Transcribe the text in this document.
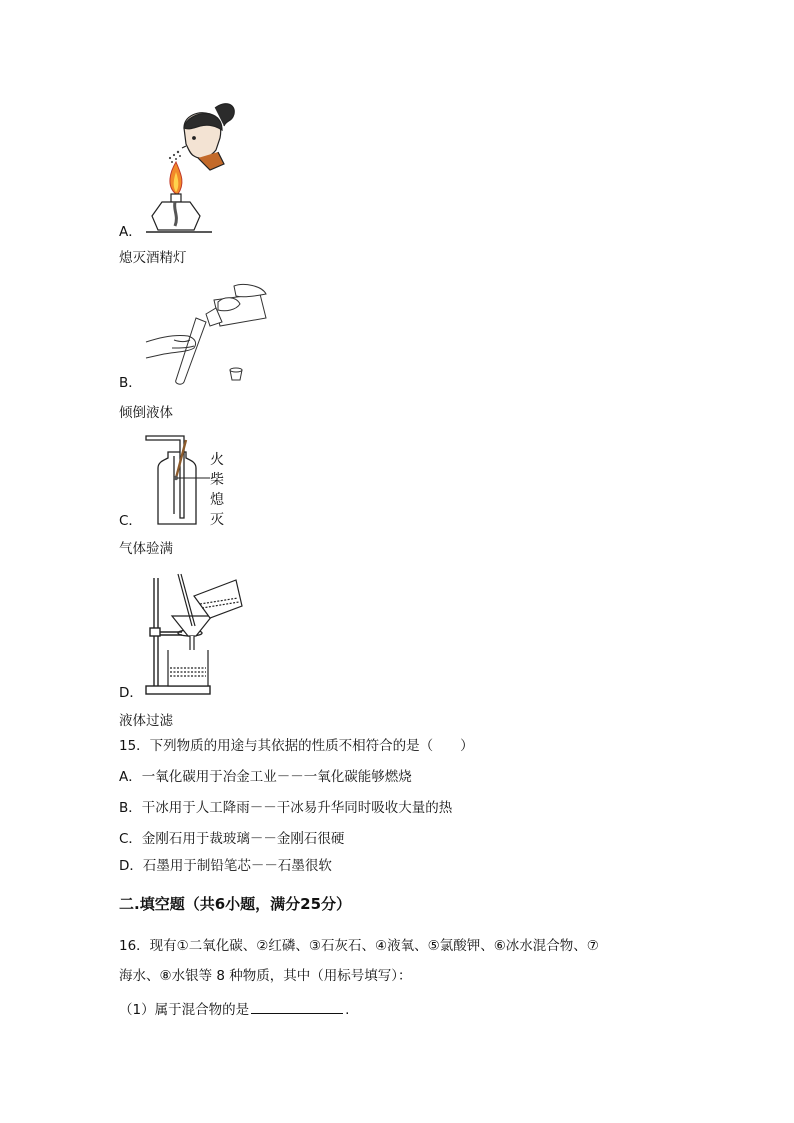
A．
熄灭酒精灯
B．
倾倒液体
火
柴
熄
灭
C．
气体验满
D．
液体过滤
15．下列物质的用途与其依据的性质不相符合的是（　　）
A．一氧化碳用于冶金工业－－一氧化碳能够燃烧
B．干冰用于人工降雨－－干冰易升华同时吸收大量的热
C．金刚石用于裁玻璃－－金刚石很硬
D．石墨用于制铅笔芯－－石墨很软
二.填空题（共6小题，满分25分）
16．现有①二氧化碳、②红磷、③石灰石、④液氧、⑤氯酸钾、⑥冰水混合物、⑦
海水、⑧水银等 8 种物质，其中（用标号填写）：
（1）属于混合物的是	.
